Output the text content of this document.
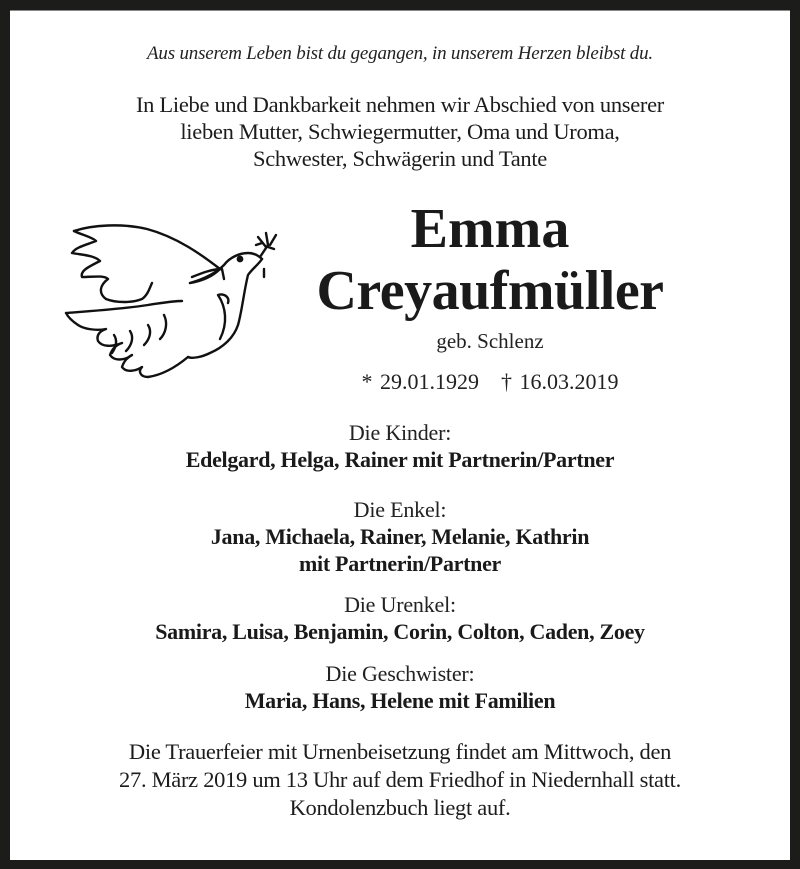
Aus unserem Leben bist du gegangen, in unserem Herzen bleibst du.
In Liebe und Dankbarkeit nehmen wir Abschied von unserer
lieben Mutter, Schwiegermutter, Oma und Uroma,
Schwester, Schwägerin und Tante
Emma
Creyaufmüller
geb. Schlenz
* 29.01.1929 † 16.03.2019
Die Kinder:
Edelgard, Helga, Rainer mit Partnerin/Partner
Die Enkel:
Jana, Michaela, Rainer, Melanie, Kathrin
mit Partnerin/Partner
Die Urenkel:
Samira, Luisa, Benjamin, Corin, Colton, Caden, Zoey
Die Geschwister:
Maria, Hans, Helene mit Familien
Die Trauerfeier mit Urnenbeisetzung findet am Mittwoch, den
27. März 2019 um 13 Uhr auf dem Friedhof in Niedernhall statt.
Kondolenzbuch liegt auf.
